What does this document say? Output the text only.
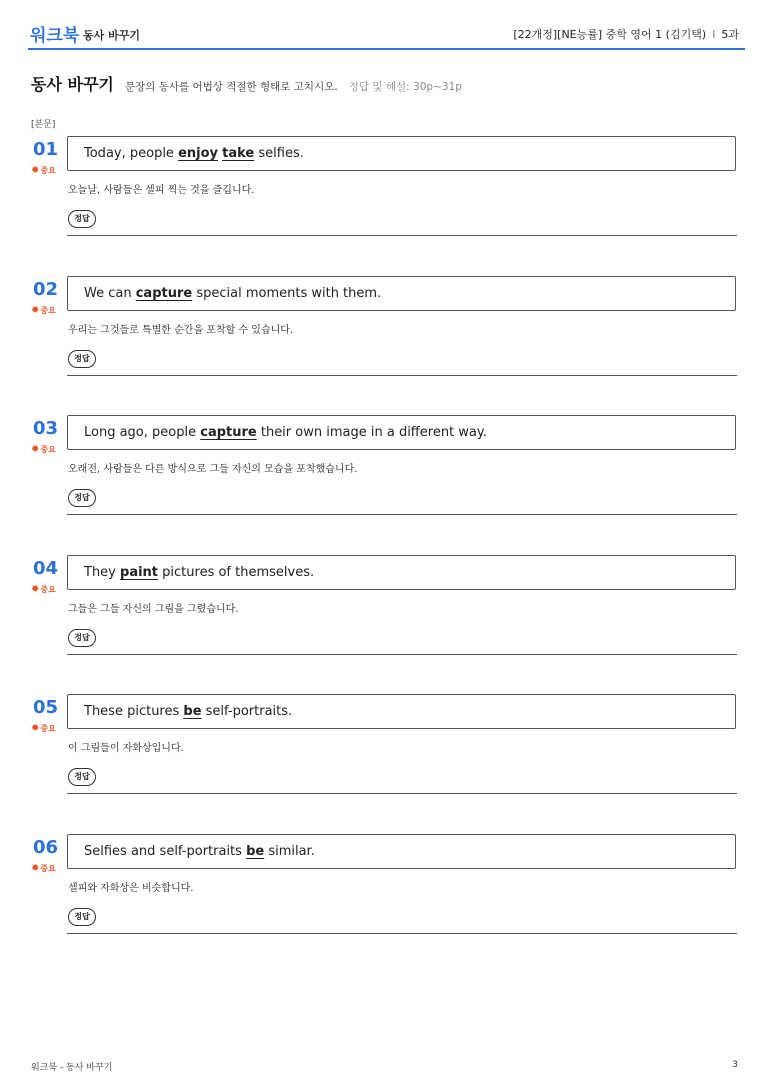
워크북 동사 바꾸기	[22개정][NE능률] 중학 영어 1 (김기택) I 5과
동사 바꾸기 문장의 동사를 어법상 적절한 형태로 고치시오. 정답 및 해설: 30p~31p
[본문]
01
✹중요
Today, people enjoy take selfies.
오늘날, 사람들은 셀피 찍는 것을 즐깁니다.
정답
02
✹중요
We can capture special moments with them.
우리는 그것들로 특별한 순간을 포착할 수 있습니다.
정답
03
✹중요
Long ago, people capture their own image in a different way.
오래전, 사람들은 다른 방식으로 그들 자신의 모습을 포착했습니다.
정답
04
✹중요
They paint pictures of themselves.
그들은 그들 자신의 그림을 그렸습니다.
정답
05
✹중요
These pictures be self-portraits.
이 그림들이 자화상입니다.
정답
06
✹중요
Selfies and self-portraits be similar.
셀피와 자화상은 비슷합니다.
정답
워크북 - 동사 바꾸기	3
